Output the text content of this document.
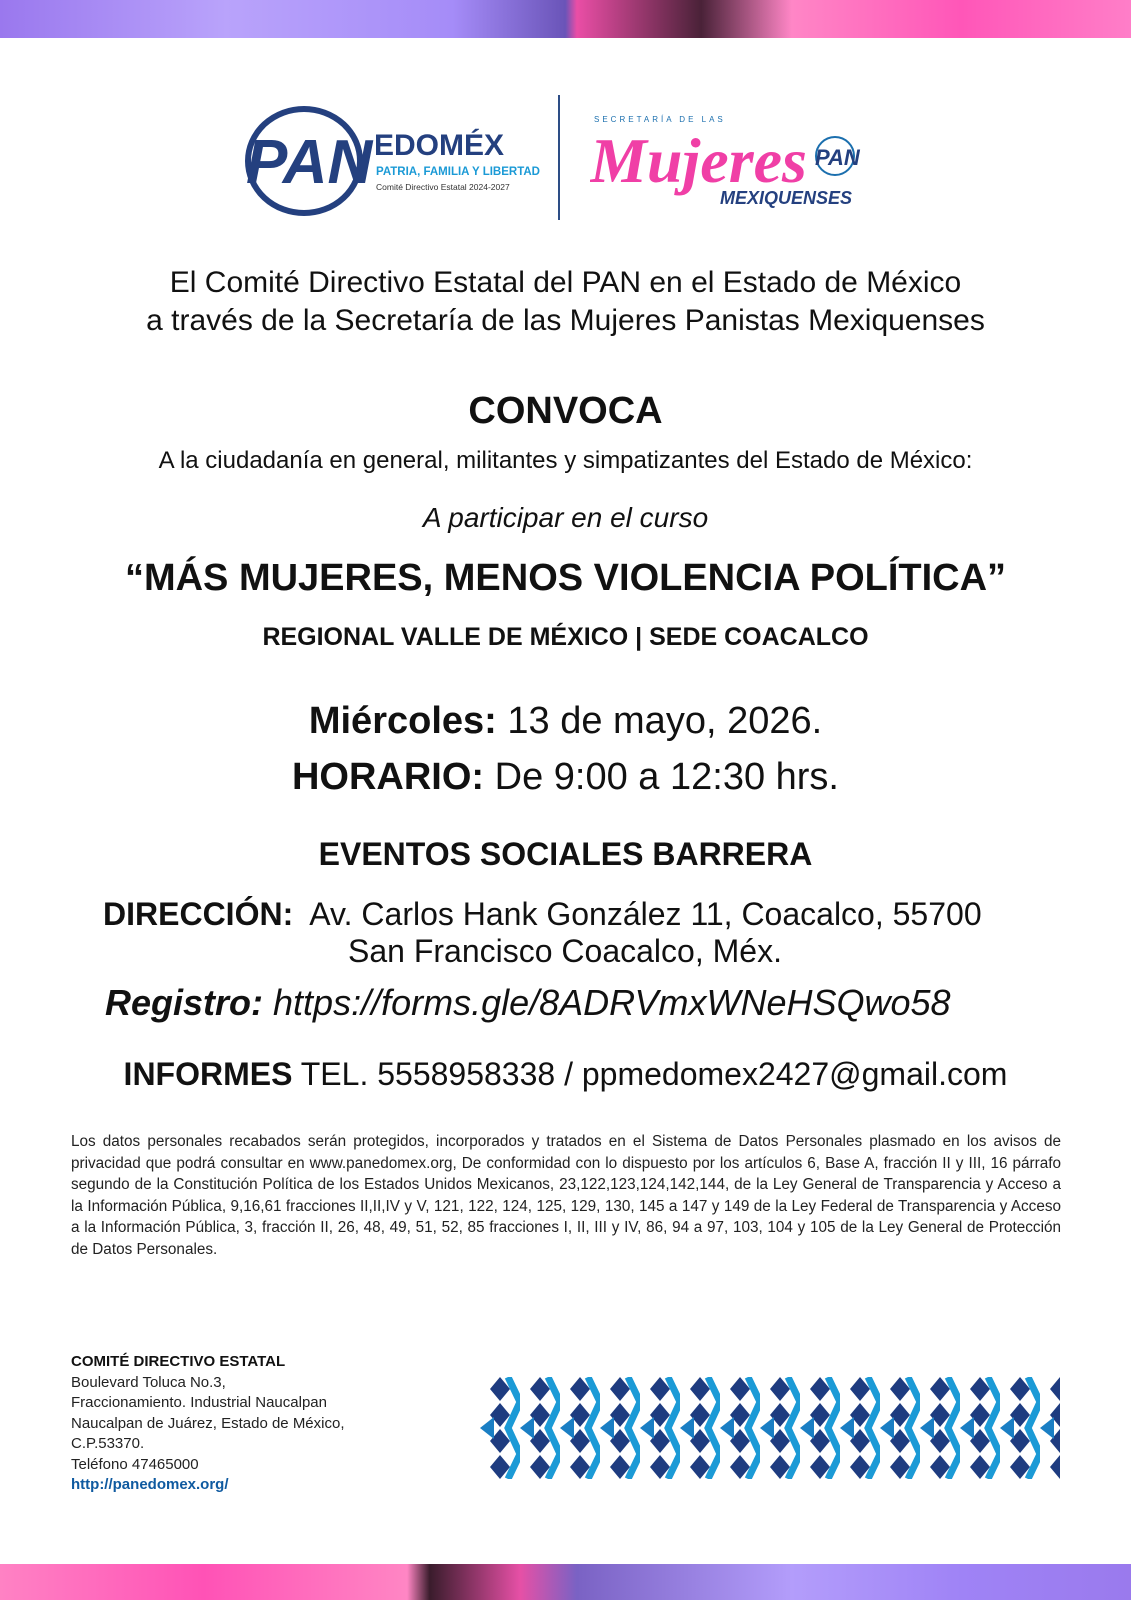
PAN EDOMÉX
PATRIA, FAMILIA Y LIBERTAD
Comité Directivo Estatal 2024-2027
SECRETARÍA DE LAS
Mujeres PAN
MEXIQUENSES
El Comité Directivo Estatal del PAN en el Estado de México
a través de la Secretaría de las Mujeres Panistas Mexiquenses
CONVOCA
A la ciudadanía en general, militantes y simpatizantes del Estado de México:
A participar en el curso
“MÁS MUJERES, MENOS VIOLENCIA POLÍTICA”
REGIONAL VALLE DE MÉXICO | SEDE COACALCO
Miércoles: 13 de mayo, 2026.
HORARIO: De 9:00 a 12:30 hrs.
EVENTOS SOCIALES BARRERA
DIRECCIÓN: Av. Carlos Hank González 11, Coacalco, 55700
San Francisco Coacalco, Méx.
Registro: https://forms.gle/8ADRVmxWNeHSQwo58
INFORMES TEL. 5558958338 / ppmedomex2427@gmail.com
Los datos personales recabados serán protegidos, incorporados y tratados en el Sistema de Datos Personales plasmado en los avisos de privacidad que podrá consultar en www.panedomex.org, De conformidad con lo dispuesto por los artículos 6, Base A, fracción II y III, 16 párrafo segundo de la Constitución Política de los Estados Unidos Mexicanos, 23,122,123,124,142,144, de la Ley General de Transparencia y Acceso a la Información Pública, 9,16,61 fracciones II,II,IV y V, 121, 122, 124, 125, 129, 130, 145 a 147 y 149 de la Ley Federal de Transparencia y Acceso a la Información Pública, 3, fracción II, 26, 48, 49, 51, 52, 85 fracciones I, II, III y IV, 86, 94 a 97, 103, 104 y 105 de la Ley General de Protección de Datos Personales.
COMITÉ DIRECTIVO ESTATAL
Boulevard Toluca No.3,
Fraccionamiento. Industrial Naucalpan
Naucalpan de Juárez, Estado de México,
C.P.53370.
Teléfono 47465000
http://panedomex.org/
